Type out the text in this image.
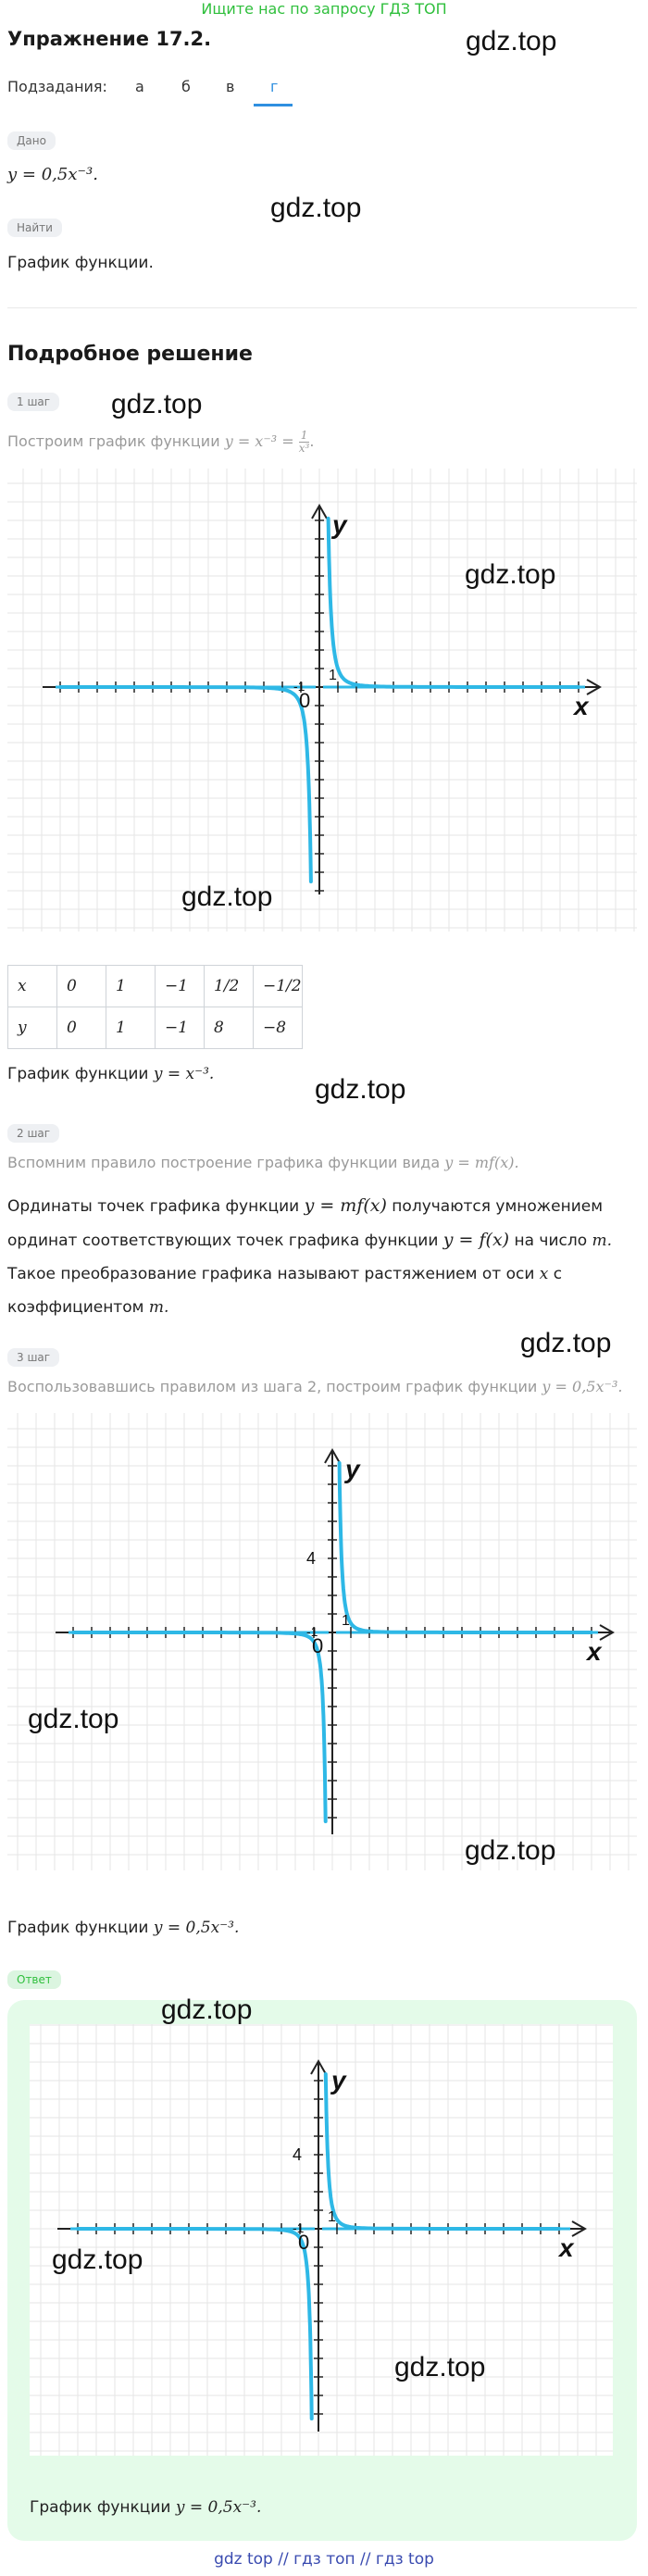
Ищите нас по запросу ГДЗ ТОП
Упражнение 17.2.	gdz.top
Подзадания: а	б в г
Дано
y = 0,5x⁻³.
gdz.top
Найти
График функции.
Подробное решение
1 шаг	gdz.top
Построим график функции $y = x^{-3} = \frac{1}{\text{x³}}$ .
x
y
0
1
-1
gdz.top
gdz.top
x	0	1	−1	1/2	−1/2
y	0	1	−1	8	−8
График функции y = x⁻³.	gdz.top
2 шаг
Вспомним правило построение графика функции вида y = mf(x).
Ординаты точек графика функции y = mf(x) получаются умножением
ординат соответствующих точек графика функции y = f(x) на число m.
Такое преобразование графика называют растяжением от оси x с
коэффициентом m.
gdz.top
3 шаг
Воспользовавшись правилом из шага 2, построим график функции y = 0,5x⁻³.
x
y
0
1
-1
4
gdz.top
gdz.top
График функции y = 0,5x⁻³.
Ответ
x
y
0
1
-1
4
gdz.top
gdz.top
gdz.top
График функции y = 0,5x⁻³.
gdz top // гдз топ // гдз top
